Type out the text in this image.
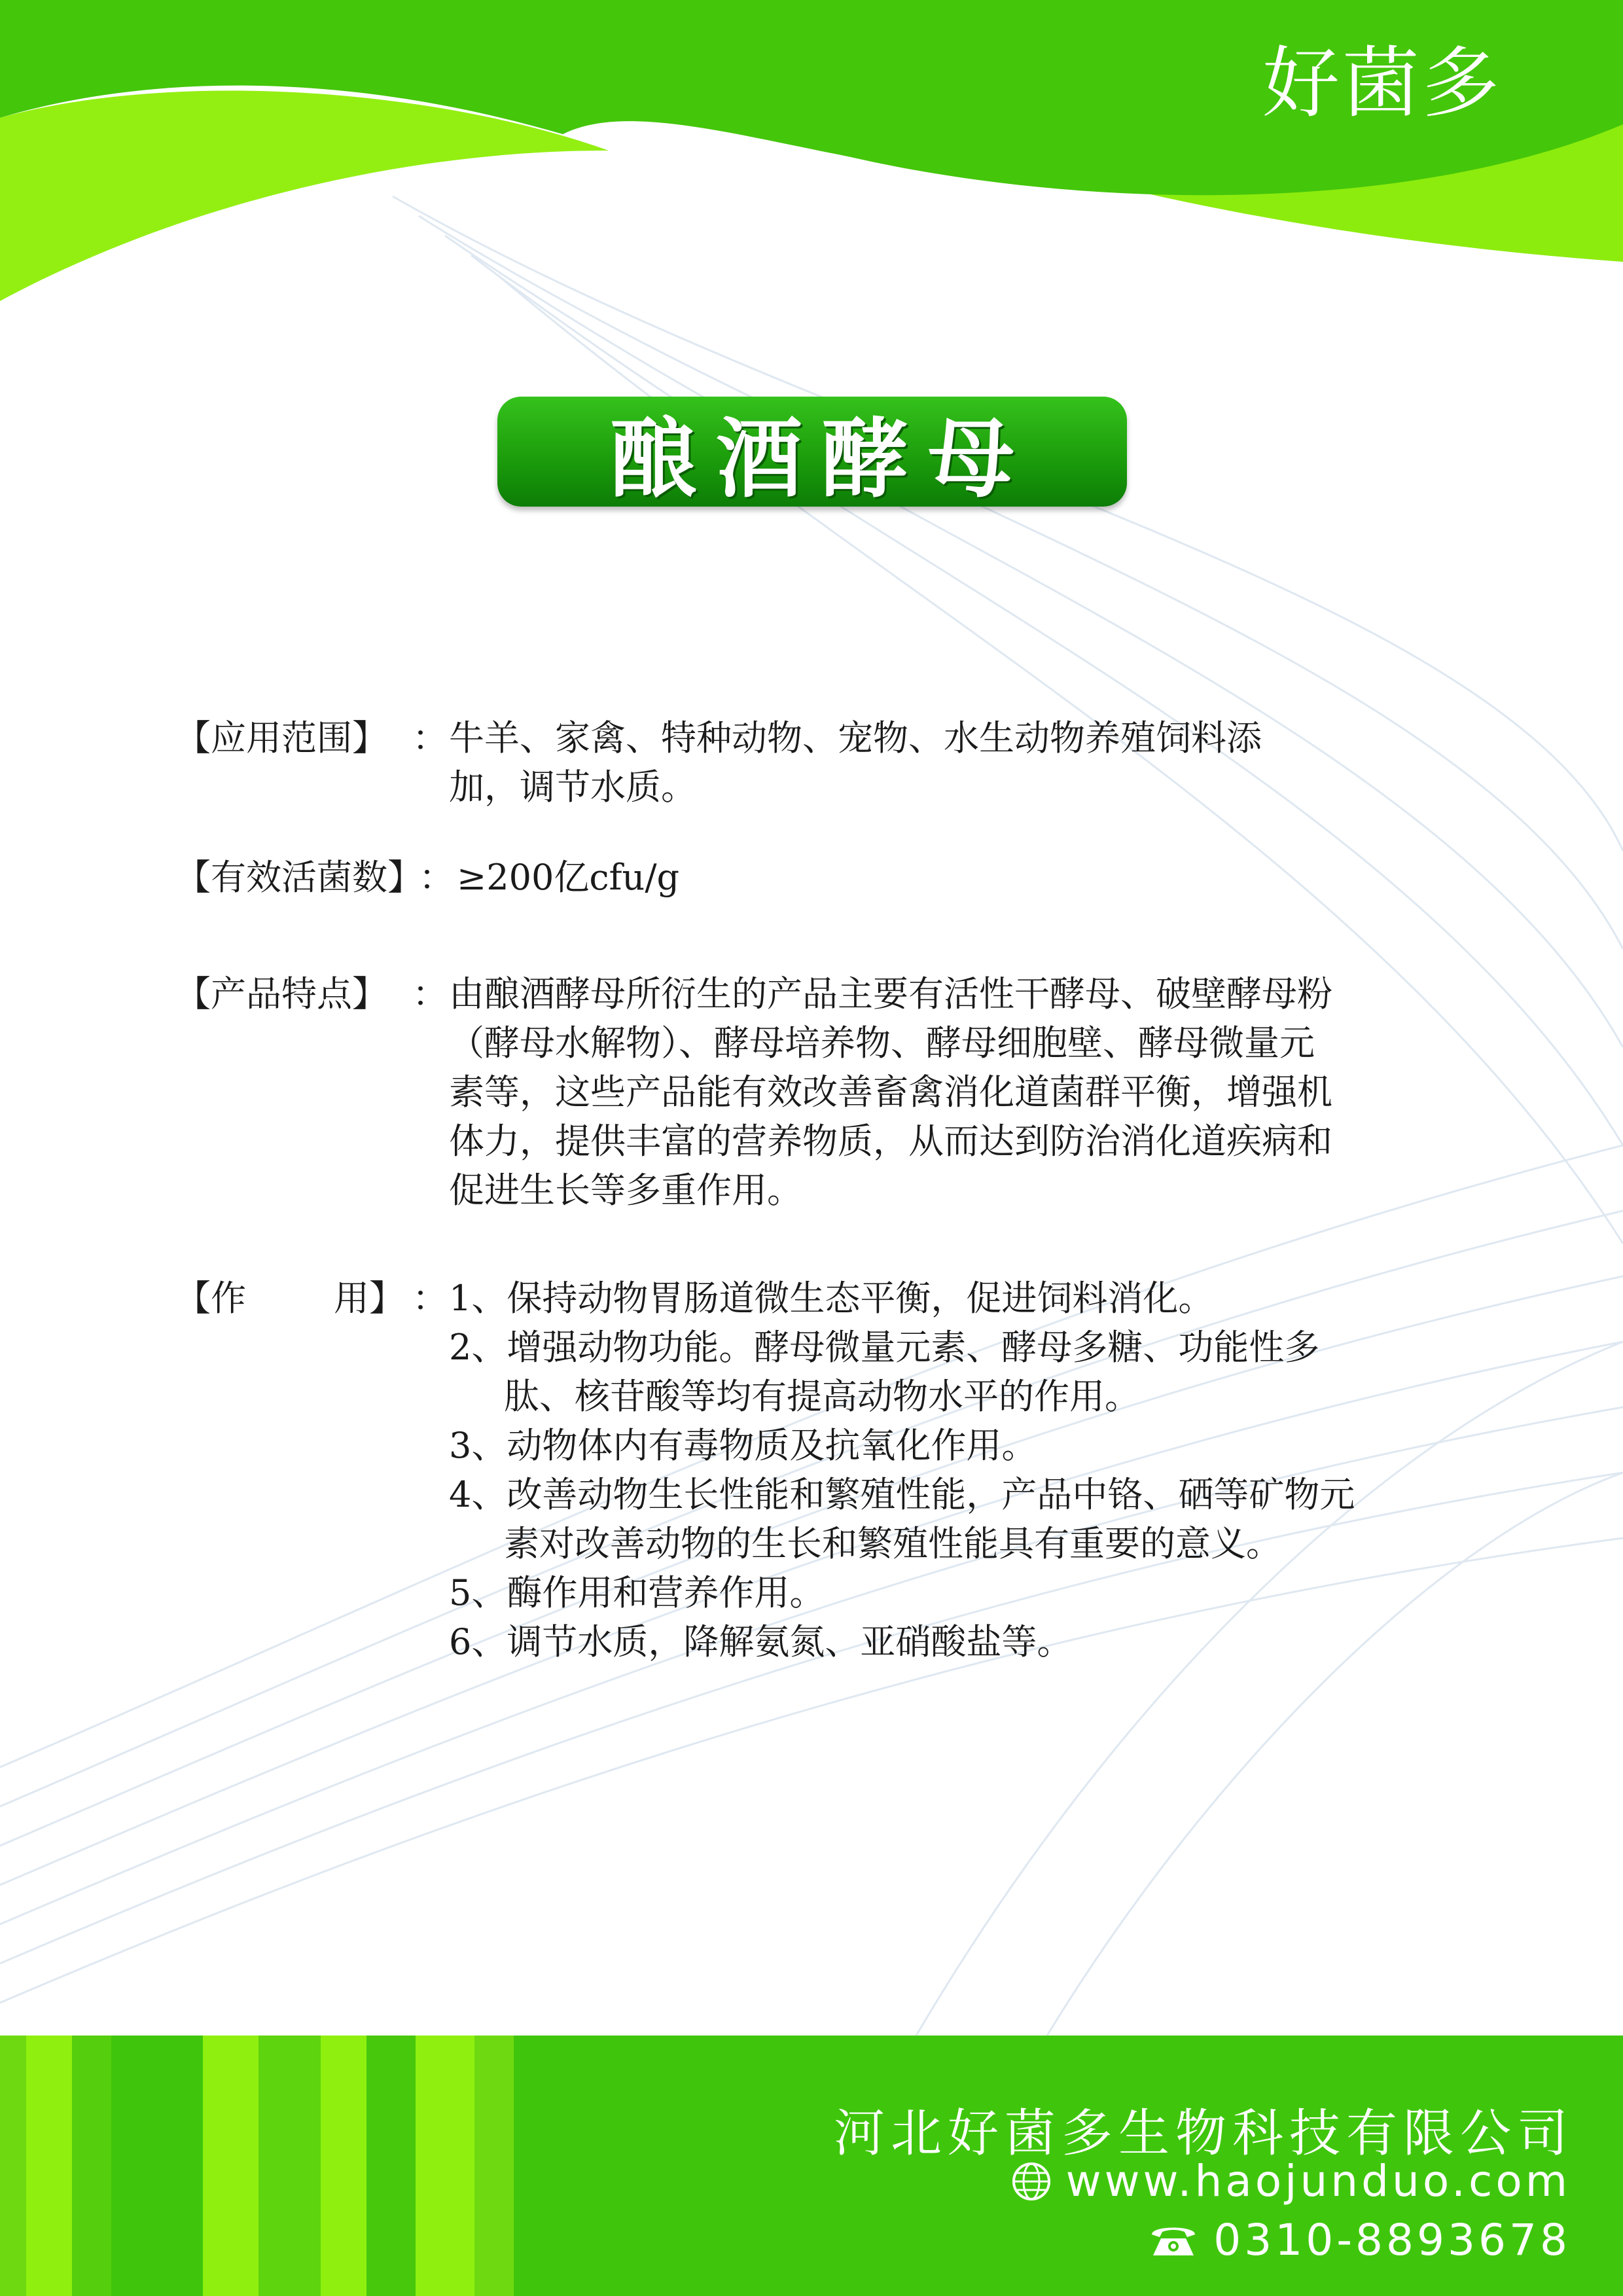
好菌多
酿酒酵母
【应用范围】 ： 牛羊、家禽、特种动物、宠物、水生动物养殖饲料添

加，调节水质。

【有效活菌数】
： ≥200亿cfu/g

【产品特点】 ： 由酿酒酵母所衍生的产品主要有活性干酵母、破壁酵母粉

（酵母水解物）、酵母培养物、酵母细胞壁、酵母微量元

素等，这些产品能有效改善畜禽消化道菌群平衡，增强机

体力，提供丰富的营养物质，从而达到防治消化道疾病和

促进生长等多重作用。

【作 用】 ： 1、保持动物胃肠道微生态平衡，促进饲料消化。

2、增强动物功能。酵母微量元素、酵母多糖、功能性多

肽、核苷酸等均有提高动物水平的作用。

3、动物体内有毒物质及抗氧化作用。

4、改善动物生长性能和繁殖性能，产品中铬、硒等矿物元

素对改善动物的生长和繁殖性能具有重要的意义。

5、酶作用和营养作用。

6、调节水质，降解氨氮、亚硝酸盐等。

河北好菌多生物科技有限公司
www.haojunduo.com
0310-8893678
